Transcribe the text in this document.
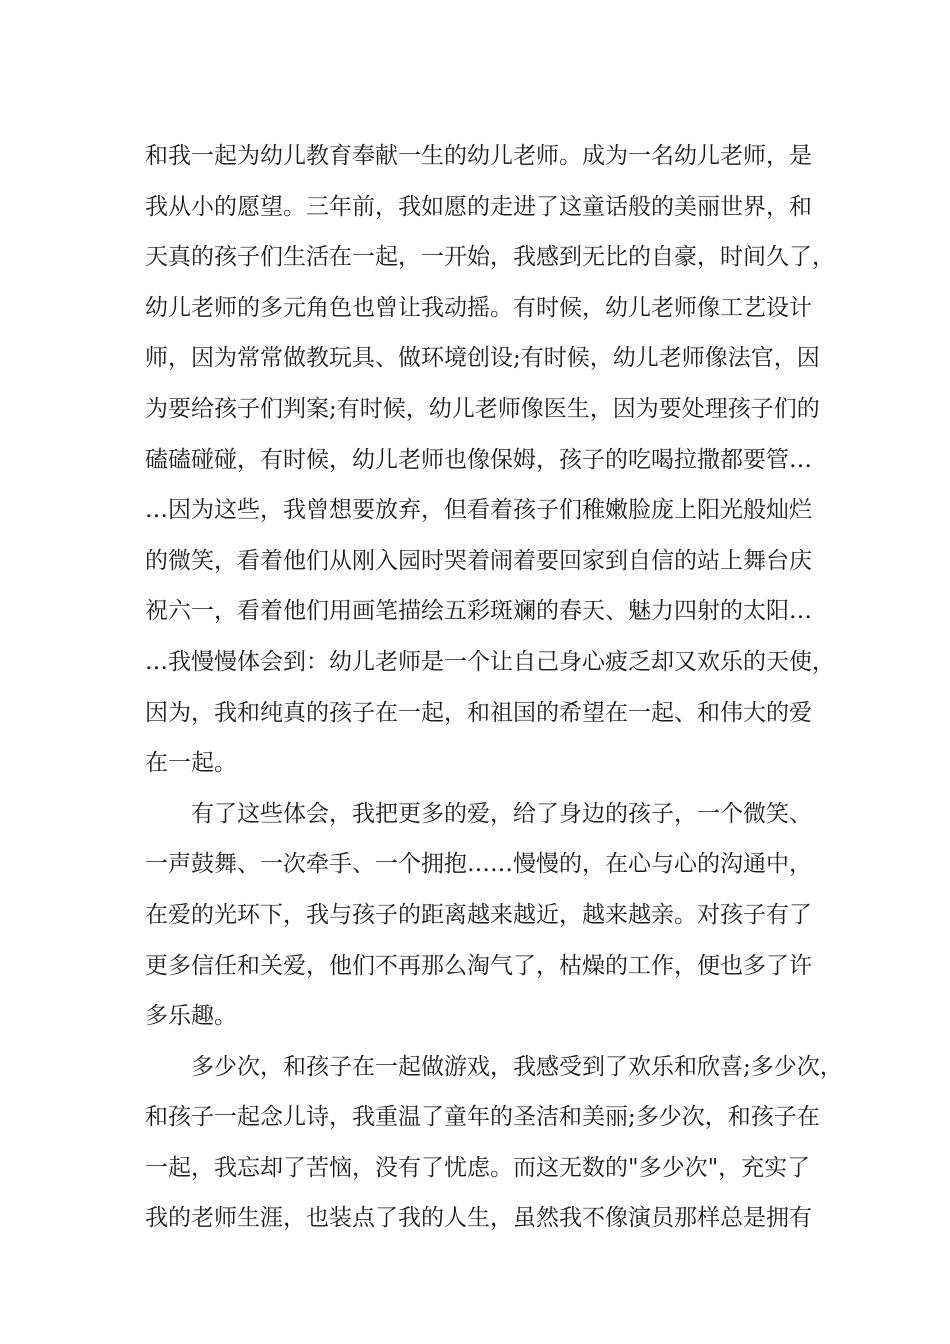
和我一起为幼儿教育奉献一生的幼儿老师。成为一名幼儿老师，是
我从小的愿望。三年前，我如愿的走进了这童话般的美丽世界，和
天真的孩子们生活在一起，一开始，我感到无比的自豪，时间久了，
幼儿老师的多元角色也曾让我动摇。有时候，幼儿老师像工艺设计
师，因为常常做教玩具、做环境创设;有时候，幼儿老师像法官，因
为要给孩子们判案;有时候，幼儿老师像医生，因为要处理孩子们的
磕磕碰碰，有时候，幼儿老师也像保姆，孩子的吃喝拉撒都要管…
…因为这些，我曾想要放弃，但看着孩子们稚嫩脸庞上阳光般灿烂
的微笑，看着他们从刚入园时哭着闹着要回家到自信的站上舞台庆
祝六一，看着他们用画笔描绘五彩斑斓的春天、魅力四射的太阳…
…我慢慢体会到：幼儿老师是一个让自己身心疲乏却又欢乐的天使，
因为，我和纯真的孩子在一起，和祖国的希望在一起、和伟大的爱
在一起。
有了这些体会，我把更多的爱，给了身边的孩子，一个微笑、
一声鼓舞、一次牵手、一个拥抱……慢慢的，在心与心的沟通中，
在爱的光环下，我与孩子的距离越来越近，越来越亲。对孩子有了
更多信任和关爱，他们不再那么淘气了，枯燥的工作，便也多了许
多乐趣。
多少次，和孩子在一起做游戏，我感受到了欢乐和欣喜;多少次，
和孩子一起念儿诗，我重温了童年的圣洁和美丽;多少次，和孩子在
一起，我忘却了苦恼，没有了忧虑。而这无数的"多少次"，充实了
我的老师生涯，也装点了我的人生，虽然我不像演员那样总是拥有
